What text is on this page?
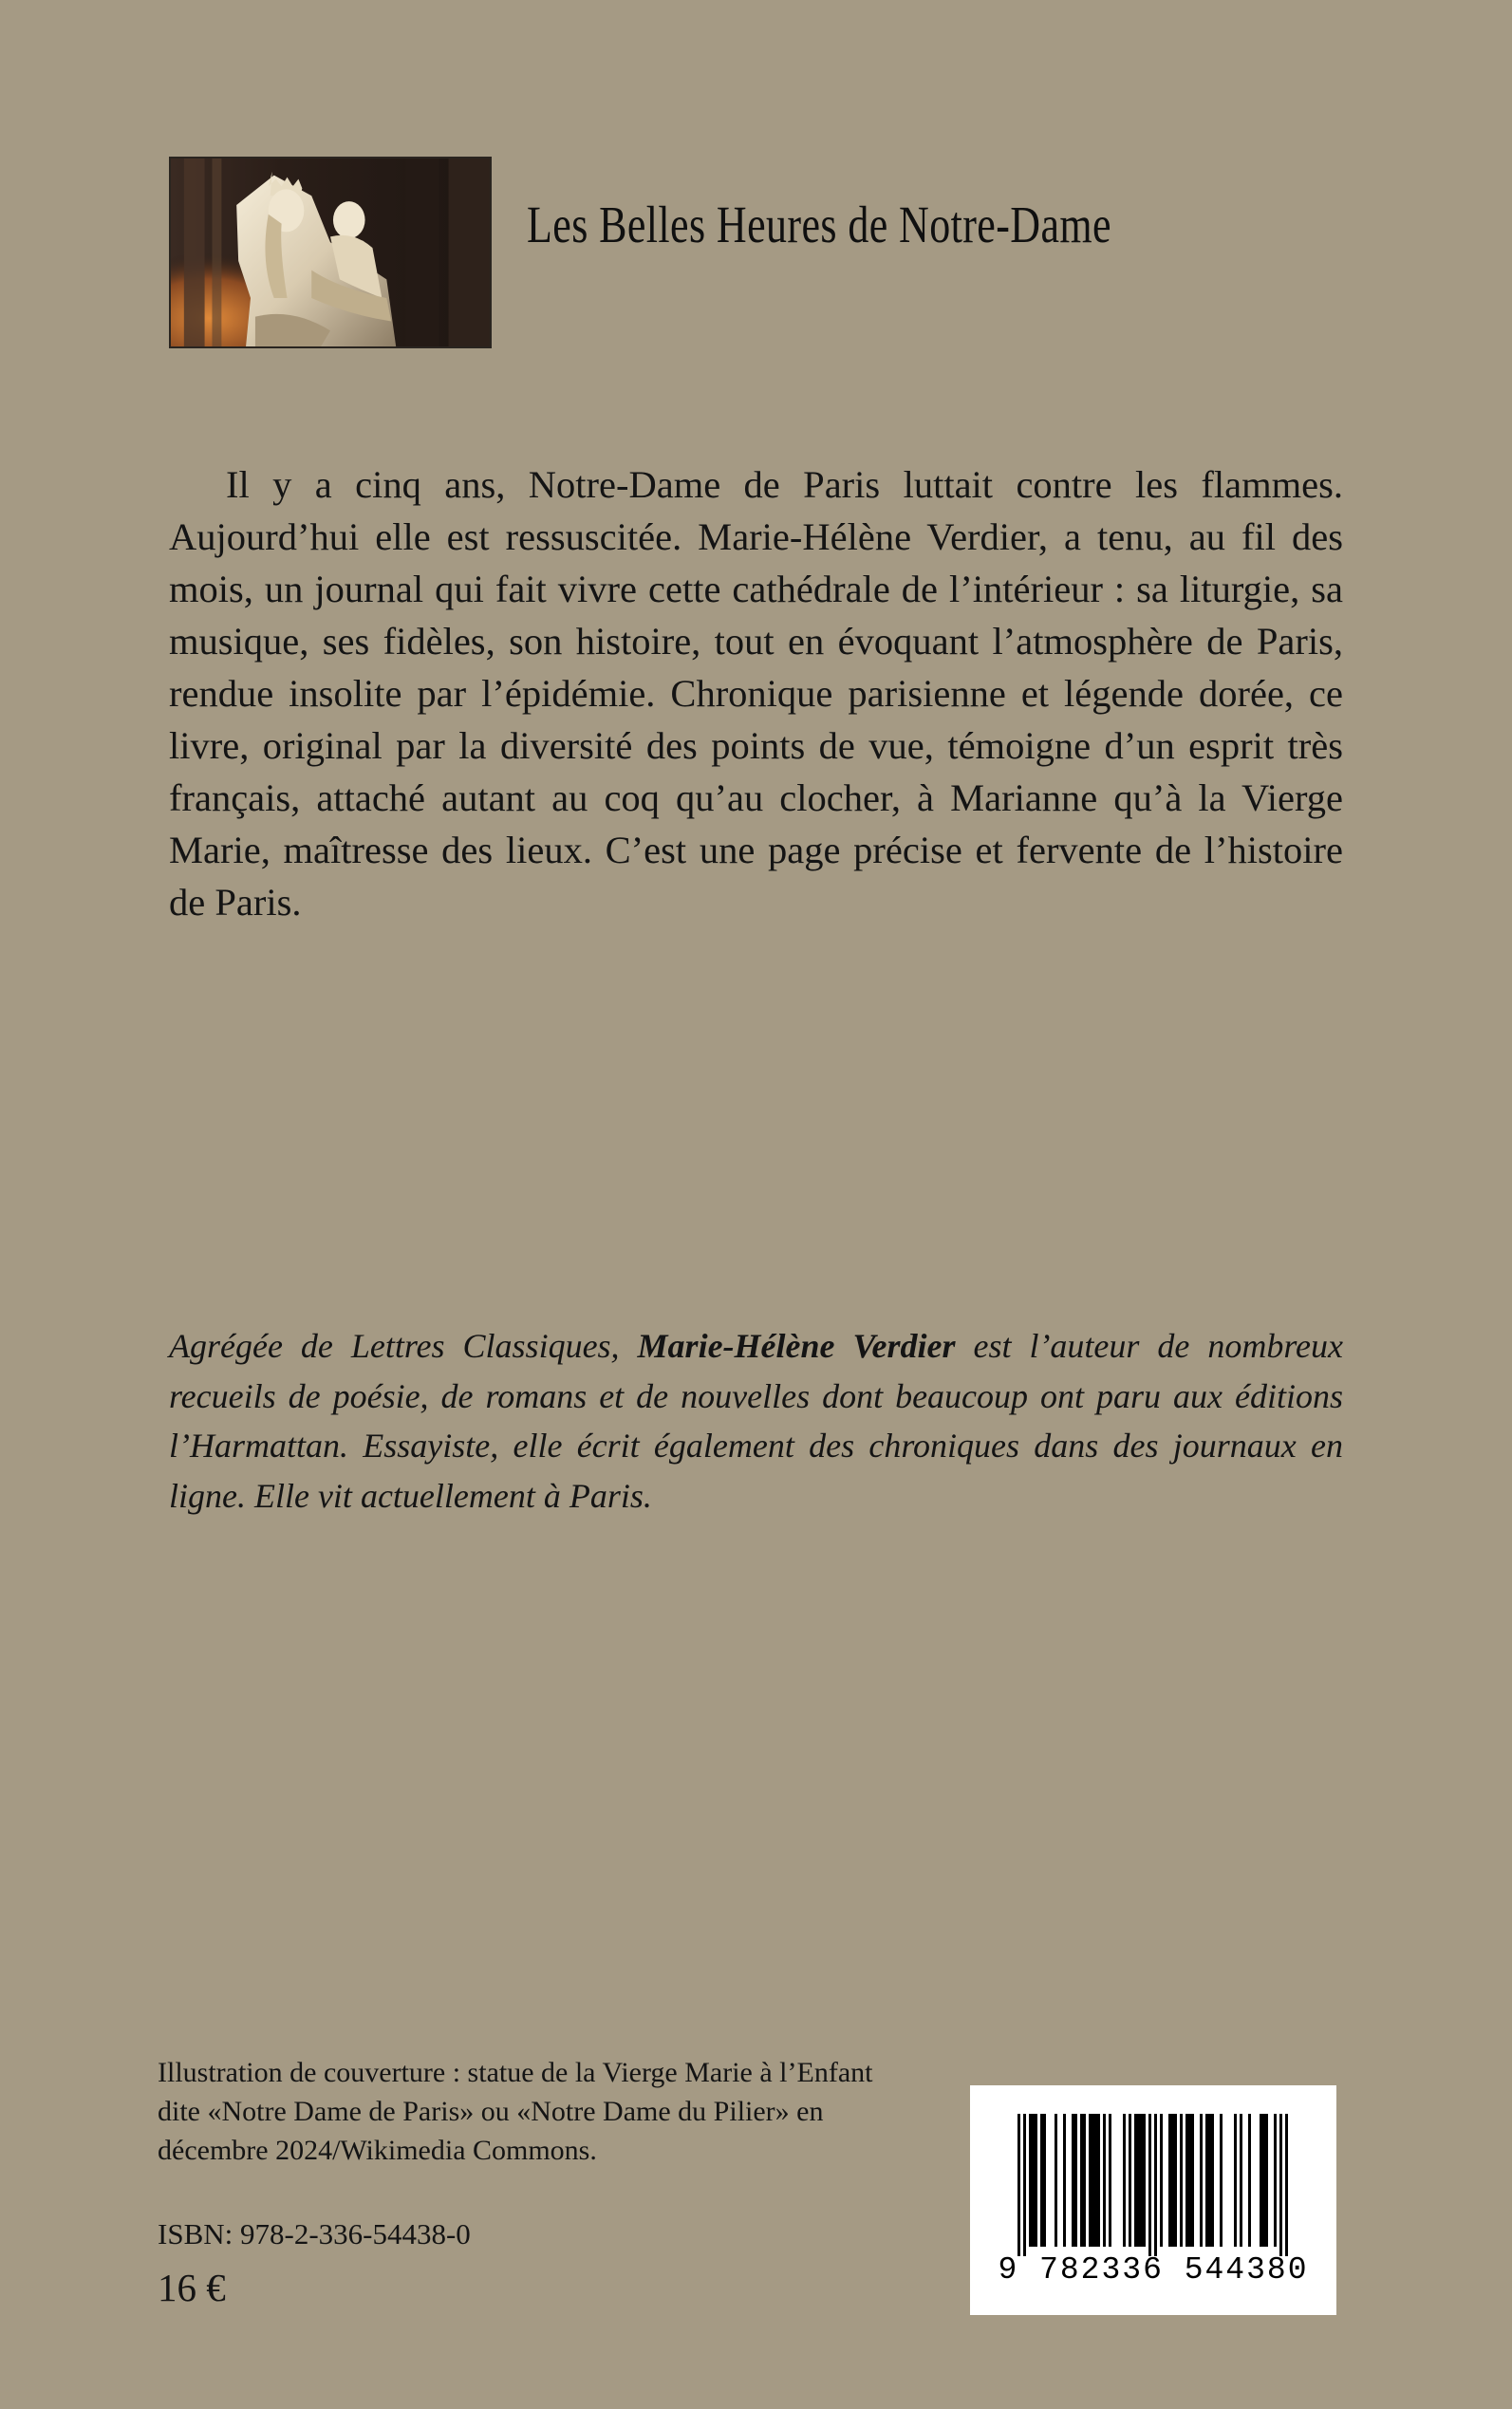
Les Belles Heures de Notre-Dame

Il y a cinq ans, Notre-Dame de Paris luttait contre les flammes. Aujourd’hui elle est ressuscitée. Marie-Hélène Verdier, a tenu, au fil des mois, un journal qui fait vivre cette cathédrale de l’intérieur : sa liturgie, sa musique, ses fidèles, son histoire, tout en évoquant l’atmosphère de Paris, rendue insolite par l’épidémie. Chronique parisienne et légende dorée, ce livre, original par la diversité des points de vue, témoigne d’un esprit très français, attaché autant au coq qu’au clocher, à Marianne qu’à la Vierge Marie, maîtresse des lieux. C’est une page précise et fervente de l’histoire de Paris.

Agrégée de Lettres Classiques, Marie-Hélène Verdier est l’auteur de nombreux recueils de poésie, de romans et de nouvelles dont beaucoup ont paru aux éditions l’Harmattan. Essayiste, elle écrit également des chroniques dans des journaux en ligne. Elle vit actuellement à Paris.

Illustration de couverture : statue de la Vierge Marie à l’Enfant dite «Notre Dame de Paris» ou «Notre Dame du Pilier» en décembre 2024/Wikimedia Commons.

ISBN: 978-2-336-54438-0
16 €	9 782336 544380
